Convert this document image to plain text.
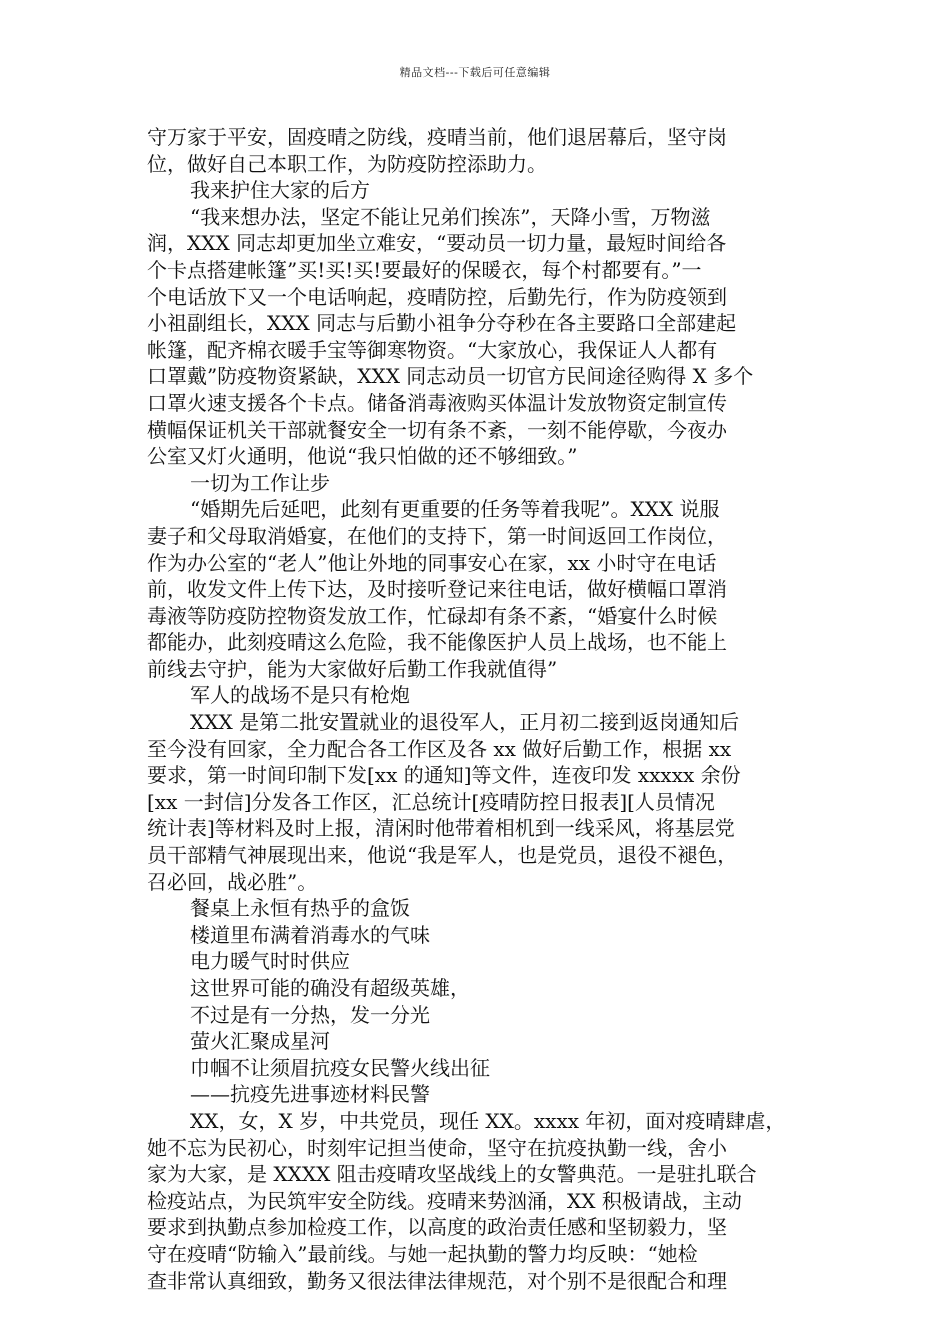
精品文档---下载后可任意编辑
守万家于平安，固疫晴之防线，疫晴当前，他们退居幕后，坚守岗
位，做好自己本职工作，为防疫防控添助力。
我来护住大家的后方
“我来想办法，坚定不能让兄弟们挨冻”，天降小雪，万物滋
润，XXX 同志却更加坐立难安，“要动员一切力量，最短时间给各
个卡点搭建帐篷”买!买!买!要最好的保暖衣，每个村都要有。”一
个电话放下又一个电话响起，疫晴防控，后勤先行，作为防疫领到
小祖副组长，XXX 同志与后勤小祖争分夺秒在各主要路口全部建起
帐篷，配齐棉衣暖手宝等御寒物资。“大家放心，我保证人人都有
口罩戴”防疫物资紧缺，XXX 同志动员一切官方民间途径购得 X 多个
口罩火速支援各个卡点。储备消毒液购买体温计发放物资定制宣传
横幅保证机关干部就餐安全一切有条不紊，一刻不能停歇，今夜办
公室又灯火通明，他说“我只怕做的还不够细致。”
一切为工作让步
“婚期先后延吧，此刻有更重要的任务等着我呢”。XXX 说服
妻子和父母取消婚宴，在他们的支持下，第一时间返回工作岗位，
作为办公室的“老人”他让外地的同事安心在家，xx 小时守在电话
前，收发文件上传下达，及时接听登记来往电话，做好横幅口罩消
毒液等防疫防控物资发放工作，忙碌却有条不紊，“婚宴什么时候
都能办，此刻疫晴这么危险，我不能像医护人员上战场，也不能上
前线去守护，能为大家做好后勤工作我就值得”
军人的战场不是只有枪炮
XXX 是第二批安置就业的退役军人，正月初二接到返岗通知后
至今没有回家，全力配合各工作区及各 xx 做好后勤工作，根据 xx
要求，第一时间印制下发[xx 的通知]等文件，连夜印发 xxxxx 余份
[xx 一封信]分发各工作区，汇总统计[疫晴防控日报表][人员情况
统计表]等材料及时上报，清闲时他带着相机到一线采风，将基层党
员干部精气神展现出来，他说“我是军人，也是党员，退役不褪色，
召必回，战必胜”。
餐桌上永恒有热乎的盒饭
楼道里布满着消毒水的气味
电力暖气时时供应
这世界可能的确没有超级英雄，
不过是有一分热，发一分光
萤火汇聚成星河
巾帼不让须眉抗疫女民警火线出征
——抗疫先进事迹材料民警
XX，女，X 岁，中共党员，现任 XX。xxxx 年初，面对疫晴肆虐，
她不忘为民初心，时刻牢记担当使命，坚守在抗疫执勤一线，舍小
家为大家，是 XXXX 阻击疫晴攻坚战线上的女警典范。一是驻扎联合
检疫站点，为民筑牢安全防线。疫晴来势汹涌，XX 积极请战，主动
要求到执勤点参加检疫工作，以高度的政治责任感和坚韧毅力，坚
守在疫晴“防输入”最前线。与她一起执勤的警力均反映：“她检
查非常认真细致，勤务又很法律法律规范，对个别不是很配合和理
